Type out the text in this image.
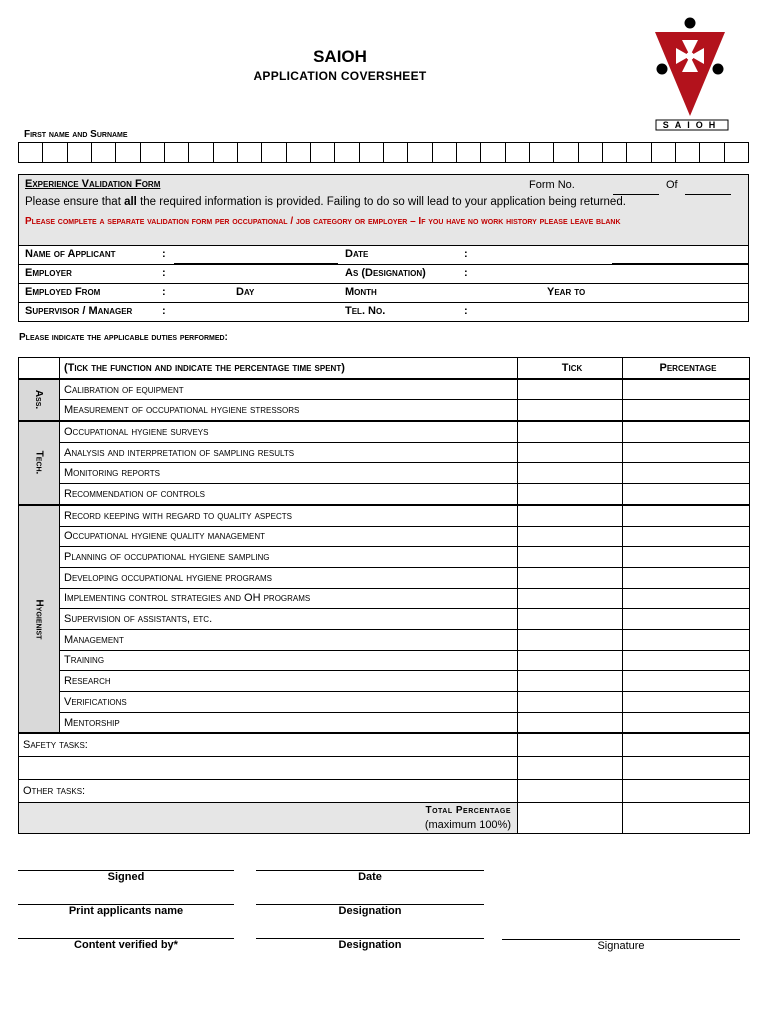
SAIOH
APPLICATION COVERSHEET
SAIOH
First name and Surname
Experience Validation Form	Form No.	Of
Please ensure that all the required information is provided. Failing to do so will lead to your application being returned.
Please complete a separate validation form per occupational / job category or employer – If you have no work history please leave blank
Name of Applicant	:	Date	:
Employer	:	As (Designation)	:
Employed From	:	Day	Month	Year to
Supervisor / Manager	:	Tel. No.	:
Please indicate the applicable duties performed:
	(Tick the function and indicate the percentage time spent)	Tick	Percentage
Ass.	Calibration of equipment		
	Measurement of occupational hygiene stressors		
Tech.	Occupational hygiene surveys		
	Analysis and interpretation of sampling results		
	Monitoring reports		
	Recommendation of controls		
Hygienist	Record keeping with regard to quality aspects		
	Occupational hygiene quality management		
	Planning of occupational hygiene sampling		
	Developing occupational hygiene programs		
	Implementing control strategies and OH programs		
	Supervision of assistants, etc.		
	Management		
	Training		
	Research		
	Verifications		
	Mentorship		
Safety tasks:			

Other tasks:			

Total Percentage
(maximum 100%)			

Signed	Date
Print applicants name	Designation
Content verified by*	Designation	Signature
